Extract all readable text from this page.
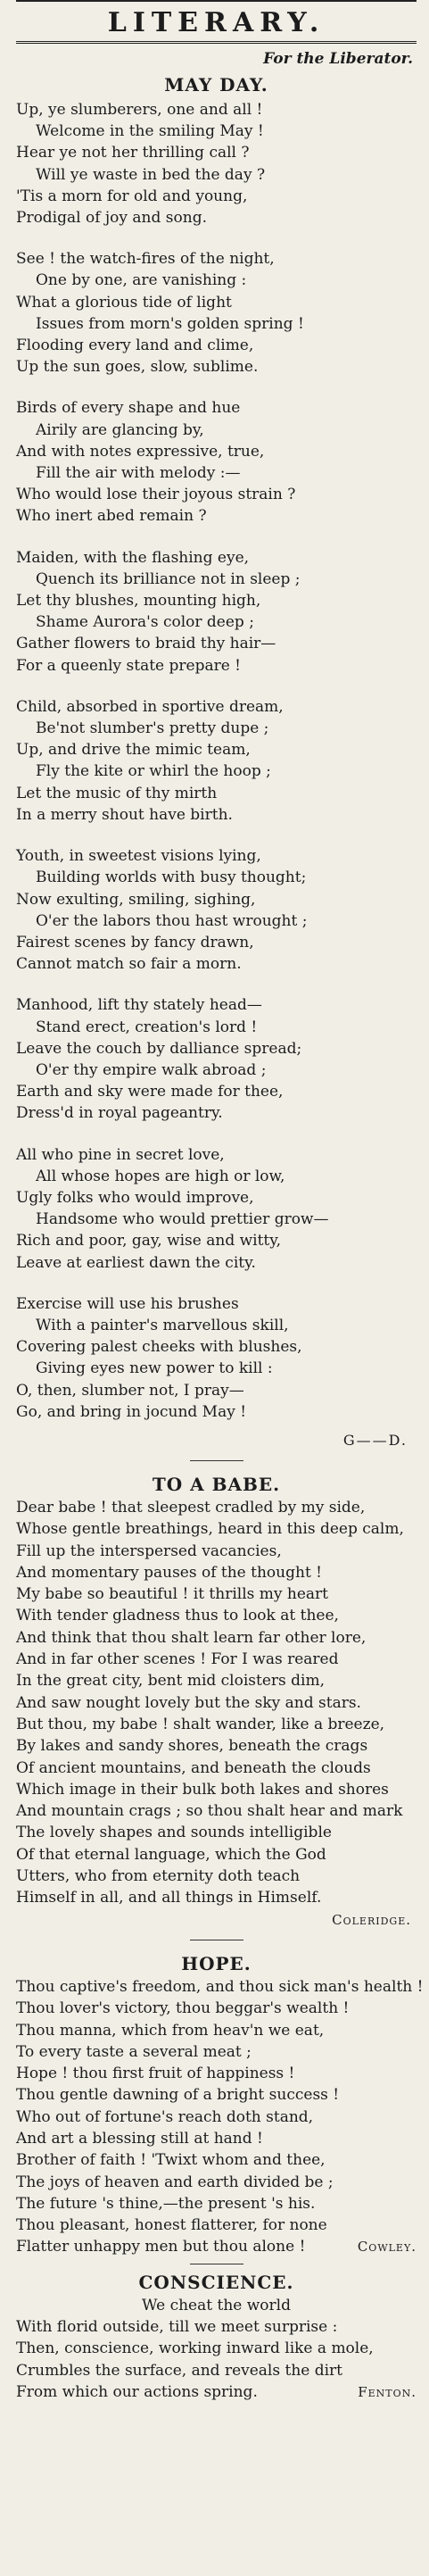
LITERARY.
For the Liberator.
MAY DAY.
Up, ye slumberers, one and all !
Welcome in the smiling May !
Hear ye not her thrilling call ?
Will ye waste in bed the day ?
'Tis a morn for old and young,
Prodigal of joy and song.
See ! the watch-fires of the night,
One by one, are vanishing :
What a glorious tide of light
Issues from morn's golden spring !
Flooding every land and clime,
Up the sun goes, slow, sublime.
Birds of every shape and hue
Airily are glancing by,
And with notes expressive, true,
Fill the air with melody :—
Who would lose their joyous strain ?
Who inert abed remain ?
Maiden, with the flashing eye,
Quench its brilliance not in sleep ;
Let thy blushes, mounting high,
Shame Aurora's color deep ;
Gather flowers to braid thy hair—
For a queenly state prepare !
Child, absorbed in sportive dream,
Be'not slumber's pretty dupe ;
Up, and drive the mimic team,
Fly the kite or whirl the hoop ;
Let the music of thy mirth
In a merry shout have birth.
Youth, in sweetest visions lying,
Building worlds with busy thought;
Now exulting, smiling, sighing,
O'er the labors thou hast wrought ;
Fairest scenes by fancy drawn,
Cannot match so fair a morn.
Manhood, lift thy stately head—
Stand erect, creation's lord !
Leave the couch by dalliance spread;
O'er thy empire walk abroad ;
Earth and sky were made for thee,
Dress'd in royal pageantry.
All who pine in secret love,
All whose hopes are high or low,
Ugly folks who would improve,
Handsome who would prettier grow—
Rich and poor, gay, wise and witty,
Leave at earliest dawn the city.
Exercise will use his brushes
With a painter's marvellous skill,
Covering palest cheeks with blushes,
Giving eyes new power to kill :
O, then, slumber not, I pray—
Go, and bring in jocund May !
G——D.
TO A BABE.
Dear babe ! that sleepest cradled by my side,
Whose gentle breathings, heard in this deep calm,
Fill up the interspersed vacancies,
And momentary pauses of the thought !
My babe so beautiful ! it thrills my heart
With tender gladness thus to look at thee,
And think that thou shalt learn far other lore,
And in far other scenes ! For I was reared
In the great city, bent mid cloisters dim,
And saw nought lovely but the sky and stars.
But thou, my babe ! shalt wander, like a breeze,
By lakes and sandy shores, beneath the crags
Of ancient mountains, and beneath the clouds
Which image in their bulk both lakes and shores
And mountain crags ; so thou shalt hear and mark
The lovely shapes and sounds intelligible
Of that eternal language, which the God
Utters, who from eternity doth teach
Himself in all, and all things in Himself.
Coleridge.
HOPE.
Thou captive's freedom, and thou sick man's health !
Thou lover's victory, thou beggar's wealth !
Thou manna, which from heav'n we eat,
To every taste a several meat ;
Hope ! thou first fruit of happiness !
Thou gentle dawning of a bright success !
Who out of fortune's reach doth stand,
And art a blessing still at hand !
Brother of faith ! 'Twixt whom and thee,
The joys of heaven and earth divided be ;
The future 's thine,—the present 's his.
Thou pleasant, honest flatterer, for none
Flatter unhappy men but thou alone !	Cowley.
CONSCIENCE.
We cheat the world
With florid outside, till we meet surprise :
Then, conscience, working inward like a mole,
Crumbles the surface, and reveals the dirt
From which our actions spring.	Fenton.
